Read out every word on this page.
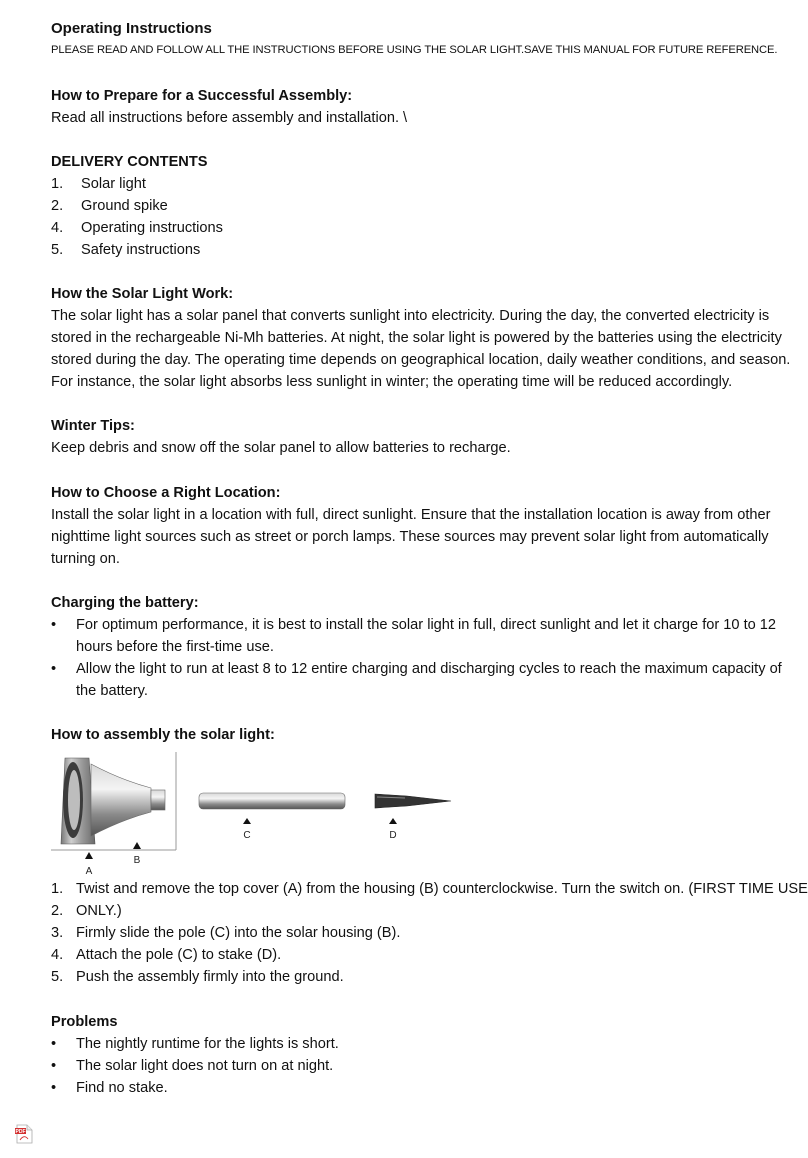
Operating Instructions
PLEASE READ AND FOLLOW ALL THE INSTRUCTIONS BEFORE USING THE SOLAR LIGHT.SAVE THIS MANUAL FOR FUTURE REFERENCE.
How to Prepare for a Successful Assembly:

Read all instructions before assembly and installation. \

DELIVERY CONTENTS
1.	Solar light
2.	Ground spike
4.	Operating instructions
5.	Safety instructions
How the Solar Light Work:

The solar light has a solar panel that converts sunlight into electricity. During the day, the converted electricity is stored in the rechargeable Ni-Mh batteries. At night, the solar light is powered by the batteries using the electricity stored during the day. The operating time depends on geographical location, daily weather conditions, and season. For instance, the solar light absorbs less sunlight in winter; the operating time will be reduced accordingly.

Winter Tips:

Keep debris and snow off the solar panel to allow batteries to recharge.

How to Choose a Right Location:

Install the solar light in a location with full, direct sunlight. Ensure that the installation location is away from other nighttime light sources such as street or porch lamps. These sources may prevent solar light from automatically turning on.

Charging the battery:
•	For optimum performance, it is best to install the solar light in full, direct sunlight and let it charge for 10 to 12 hours before the first-time use.
•	Allow the light to run at least 8 to 12 entire charging and discharging cycles to reach the maximum capacity of the battery.
How to assembly the solar light:
A
B
C	D
1. Twist and remove the top cover (A) from the housing (B) counterclockwise. Turn the switch on. (FIRST TIME USE
2. ONLY.)
3. Firmly slide the pole (C) into the solar housing (B).
4. Attach the pole (C) to stake (D).
5. Push the assembly firmly into the ground.
Problems
•	The nightly runtime for the lights is short.
•	The solar light does not turn on at night.
•	Find no stake.
PDF
